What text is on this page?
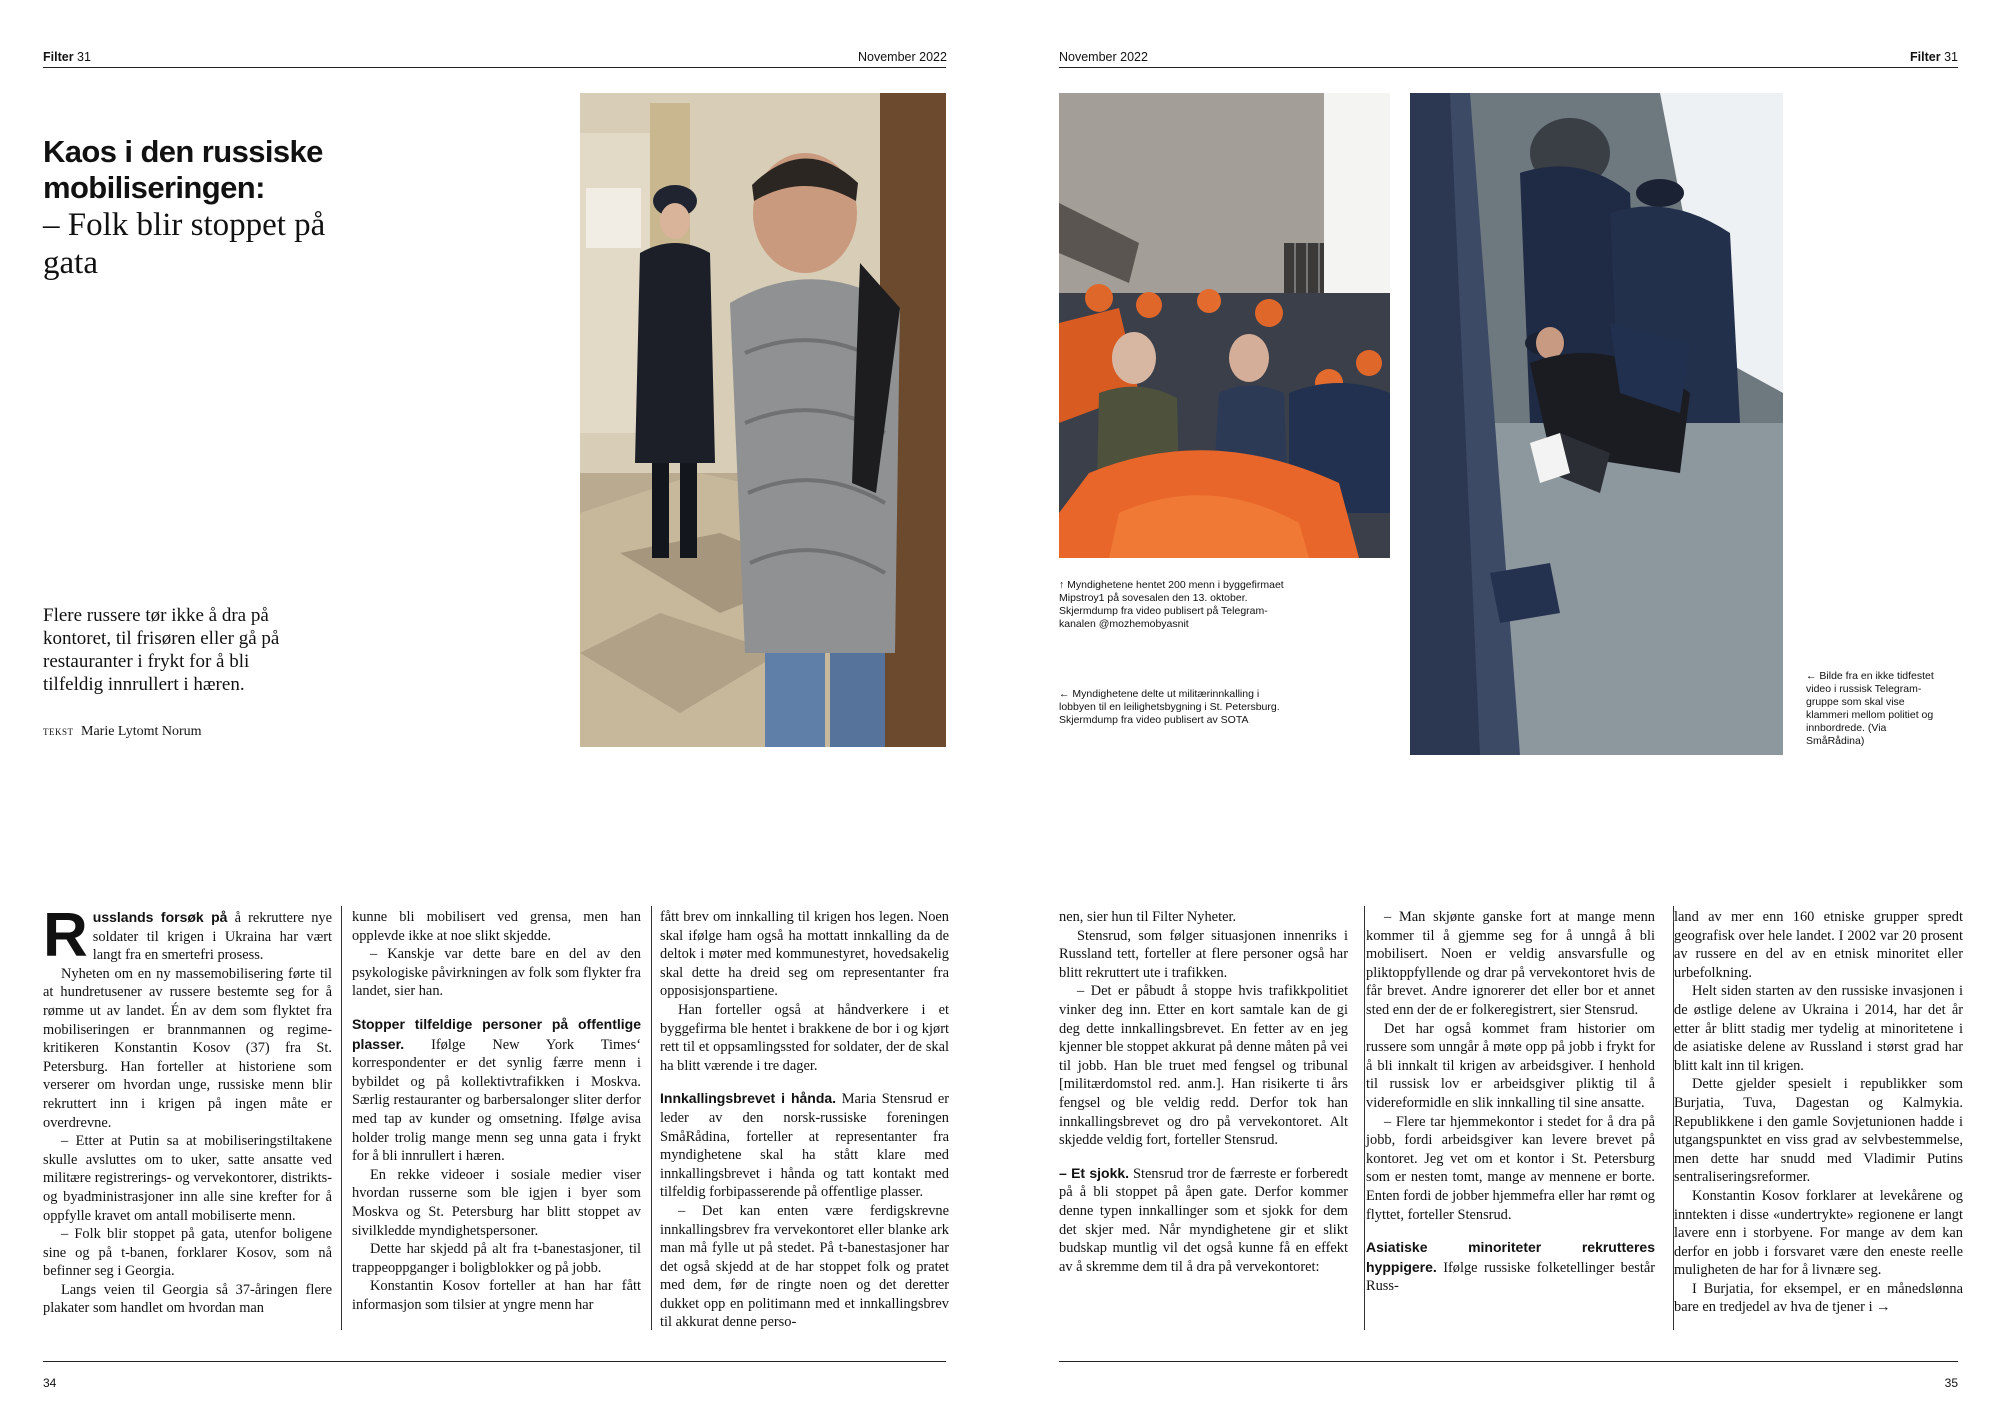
Filter 31	November 2022	November 2022	Filter 31
Kaos i den russiske mobiliseringen:
– Folk blir stoppet på gata
Flere russere tør ikke å dra på kontoret, til frisøren eller gå på restauranter i frykt for å bli tilfeldig innrullert i hæren.
TEKST Marie Lytomt Norum
↑ Myndighetene hentet 200 menn i byggefirmaet Mipstroy1 på sovesalen den 13. oktober. Skjermdump fra video publisert på Telegram-kanalen @mozhemobyasnit
← Myndighetene delte ut militærinnkalling i lobbyen til en leilighetsbygning i St. Petersburg. Skjermdump fra video publisert av SOTA
← Bilde fra en ikke tidfestet video i russisk Telegram-gruppe som skal vise klammeri mellom politiet og innbordrede. (Via SmåRådina)

Russlands forsøk på å rekruttere nye soldater til krigen i Ukraina har vært langt fra en smertefri prosess.

Nyheten om en ny massemobilisering førte til at hundretusener av russere bestemte seg for å rømme ut av landet. Én av dem som flyktet fra mobiliseringen er brannmannen og regime-kritikeren Konstantin Kosov (37) fra St. Petersburg. Han forteller at historiene som verserer om hvordan unge, russiske menn blir rekruttert inn i krigen på ingen måte er overdrevne.

– Etter at Putin sa at mobiliseringstiltakene skulle avsluttes om to uker, satte ansatte ved militære registrerings- og vervekontorer, distrikts- og byadministrasjoner inn alle sine krefter for å oppfylle kravet om antall mobiliserte menn.

– Folk blir stoppet på gata, utenfor boligene sine og på t-banen, forklarer Kosov, som nå befinner seg i Georgia.

Langs veien til Georgia så 37-åringen flere plakater som handlet om hvordan man

kunne bli mobilisert ved grensa, men han opplevde ikke at noe slikt skjedde.

– Kanskje var dette bare en del av den psykologiske påvirkningen av folk som flykter fra landet, sier han.

Stopper tilfeldige personer på offentlige plasser. Ifølge New York Times‘ korrespondenter er det synlig færre menn i bybildet og på kollektivtrafikken i Moskva. Særlig restauranter og barbersalonger sliter derfor med tap av kunder og omsetning. Ifølge avisa holder trolig mange menn seg unna gata i frykt for å bli innrullert i hæren.

En rekke videoer i sosiale medier viser hvordan russerne som ble igjen i byer som Moskva og St. Petersburg har blitt stoppet av sivilkledde myndighetspersoner.

Dette har skjedd på alt fra t-banestasjoner, til trappeoppganger i boligblokker og på jobb.

Konstantin Kosov forteller at han har fått informasjon som tilsier at yngre menn har

fått brev om innkalling til krigen hos legen. Noen skal ifølge ham også ha mottatt innkalling da de deltok i møter med kommunestyret, hovedsakelig skal dette ha dreid seg om representanter fra opposisjonspartiene.

Han forteller også at håndverkere i et byggefirma ble hentet i brakkene de bor i og kjørt rett til et oppsamlingssted for soldater, der de skal ha blitt værende i tre dager.

Innkallingsbrevet i hånda. Maria Stensrud er leder av den norsk-russiske foreningen SmåRådina, forteller at representanter fra myndighetene skal ha stått klare med innkallingsbrevet i hånda og tatt kontakt med tilfeldig forbipasserende på offentlige plasser.

– Det kan enten være ferdigskrevne innkallingsbrev fra vervekontoret eller blanke ark man må fylle ut på stedet. På t-banestasjoner har det også skjedd at de har stoppet folk og pratet med dem, før de ringte noen og det deretter dukket opp en politimann med et innkallingsbrev til akkurat denne perso-

nen, sier hun til Filter Nyheter.

Stensrud, som følger situasjonen innenriks i Russland tett, forteller at flere personer også har blitt rekruttert ute i trafikken.

– Det er påbudt å stoppe hvis trafikkpolitiet vinker deg inn. Etter en kort samtale kan de gi deg dette innkallingsbrevet. En fetter av en jeg kjenner ble stoppet akkurat på denne måten på vei til jobb. Han ble truet med fengsel og tribunal [militærdomstol red. anm.]. Han risikerte ti års fengsel og ble veldig redd. Derfor tok han innkallingsbrevet og dro på vervekontoret. Alt skjedde veldig fort, forteller Stensrud.

– Et sjokk. Stensrud tror de færreste er forberedt på å bli stoppet på åpen gate. Derfor kommer denne typen innkallinger som et sjokk for dem det skjer med. Når myndighetene gir et slikt budskap muntlig vil det også kunne få en effekt av å skremme dem til å dra på vervekontoret:

– Man skjønte ganske fort at mange menn kommer til å gjemme seg for å unngå å bli mobilisert. Noen er veldig ansvarsfulle og pliktoppfyllende og drar på vervekontoret hvis de får brevet. Andre ignorerer det eller bor et annet sted enn der de er folkeregistrert, sier Stensrud.

Det har også kommet fram historier om russere som unngår å møte opp på jobb i frykt for å bli innkalt til krigen av arbeidsgiver. I henhold til russisk lov er arbeidsgiver pliktig til å videreformidle en slik innkalling til sine ansatte.

– Flere tar hjemmekontor i stedet for å dra på jobb, fordi arbeidsgiver kan levere brevet på kontoret. Jeg vet om et kontor i St. Petersburg som er nesten tomt, mange av mennene er borte. Enten fordi de jobber hjemmefra eller har rømt og flyttet, forteller Stensrud.

Asiatiske minoriteter rekrutteres hyppigere. Ifølge russiske folketellinger består Russ-

land av mer enn 160 etniske grupper spredt geografisk over hele landet. I 2002 var 20 prosent av russere en del av en etnisk minoritet eller urbefolkning.

Helt siden starten av den russiske invasjonen i de østlige delene av Ukraina i 2014, har det år etter år blitt stadig mer tydelig at minoritetene i de asiatiske delene av Russland i størst grad har blitt kalt inn til krigen.

Dette gjelder spesielt i republikker som Burjatia, Tuva, Dagestan og Kalmykia. Republikkene i den gamle Sovjetunionen hadde i utgangspunktet en viss grad av selvbestemmelse, men dette har snudd med Vladimir Putins sentraliseringsreformer.

Konstantin Kosov forklarer at levekårene og inntekten i disse «undertrykte» regionene er langt lavere enn i storbyene. For mange av dem kan derfor en jobb i forsvaret være den eneste reelle muligheten de har for å livnære seg.

I Burjatia, for eksempel, er en månedslønna bare en tredjedel av hva de tjener i →

34	35
